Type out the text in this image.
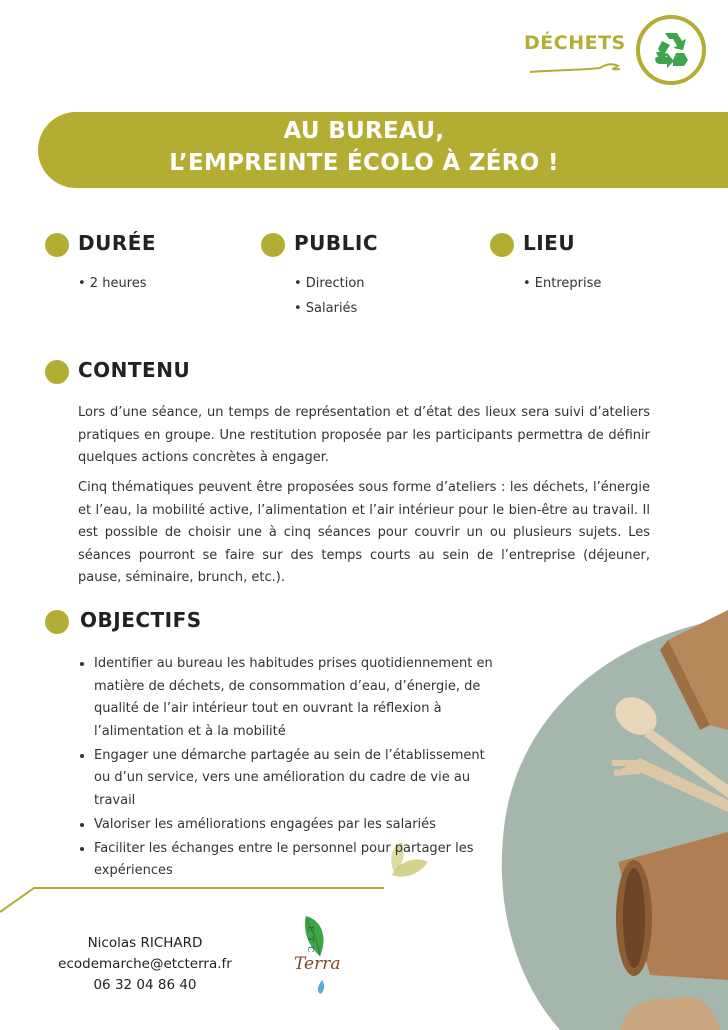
DÉCHETS
AU BUREAU,
L’EMPREINTE ÉCOLO À ZÉRO !
DURÉE
• 2 heures
PUBLIC
• Direction
• Salariés
LIEU
• Entreprise
CONTENU
Lors d’une séance, un temps de représentation et d’état des lieux sera suivi d’ateliers pratiques en groupe. Une restitution proposée par les participants permettra de définir quelques actions concrètes à engager.
Cinq thématiques peuvent être proposées sous forme d’ateliers : les déchets, l’énergie et l’eau, la mobilité active, l’alimentation et l’air intérieur pour le bien-être au travail. Il est possible de choisir une à cinq séances pour couvrir un ou plusieurs sujets. Les séances pourront se faire sur des temps courts au sein de l’entreprise (déjeuner, pause, séminaire, brunch, etc.).
OBJECTIFS
• Identifier au bureau les habitudes prises quotidiennement en matière de déchets, de consommation d’eau, d’énergie, de qualité de l’air intérieur tout en ouvrant la réflexion à l’alimentation et à la mobilité
• Engager une démarche partagée au sein de l’établissement ou d’un service, vers une amélioration du cadre de vie au travail
• Valoriser les améliorations engagées par les salariés
• Faciliter les échanges entre le personnel pour partager les expériences
Nicolas RICHARD
ecodemarche@etcterra.fr
06 32 04 86 40
E T C
Terra
